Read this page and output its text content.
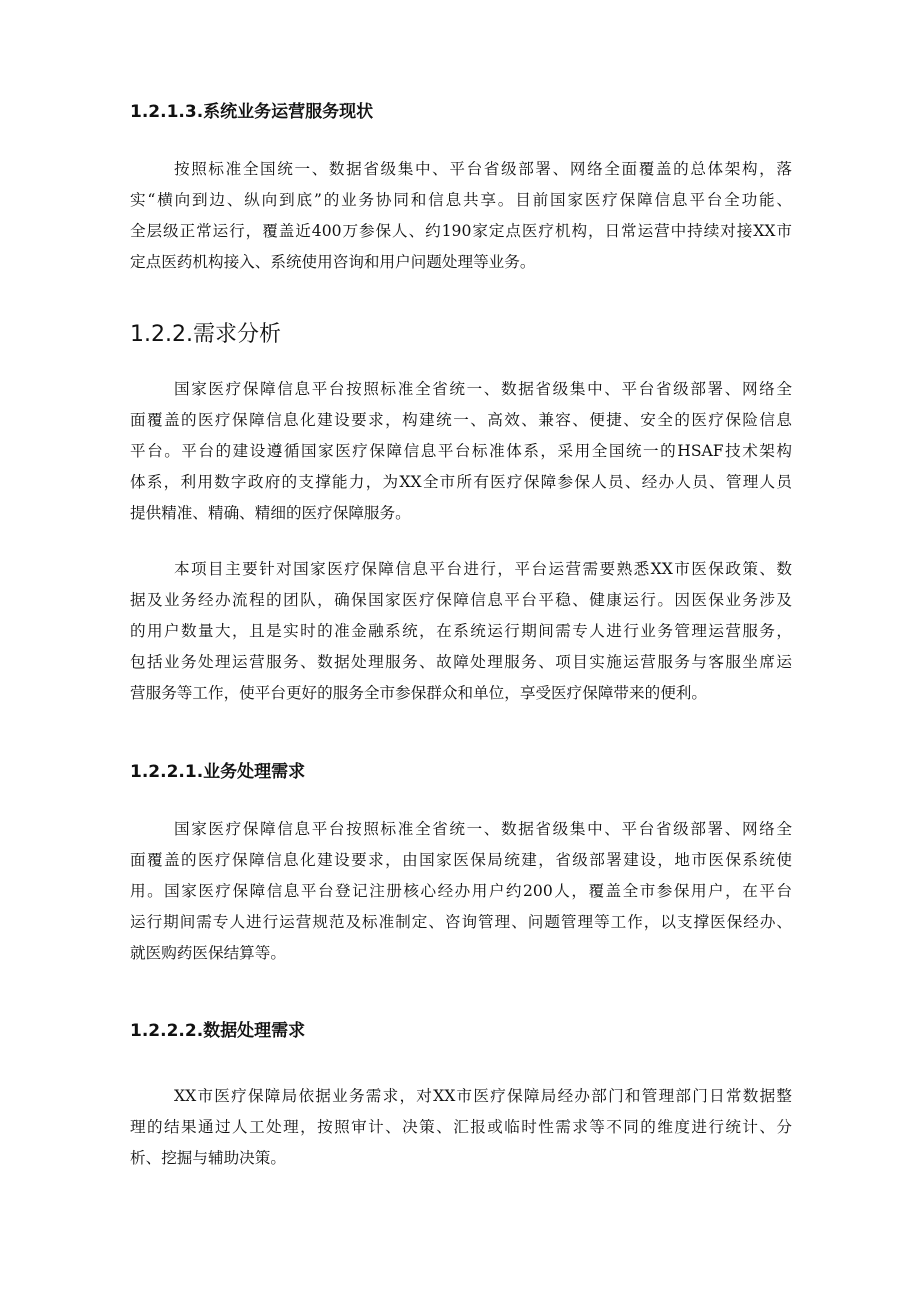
1.2.1.3.系统业务运营服务现状
按照标准全国统一、数据省级集中、平台省级部署、网络全面覆盖的总体架构，落
实“横向到边、纵向到底”的业务协同和信息共享。目前国家医疗保障信息平台全功能、
全层级正常运行，覆盖近400万参保人、约190家定点医疗机构，日常运营中持续对接XX市
定点医药机构接入、系统使用咨询和用户问题处理等业务。
1.2.2.需求分析
国家医疗保障信息平台按照标准全省统一、数据省级集中、平台省级部署、网络全
面覆盖的医疗保障信息化建设要求，构建统一、高效、兼容、便捷、安全的医疗保险信息
平台。平台的建设遵循国家医疗保障信息平台标准体系，采用全国统一的HSAF技术架构
体系，利用数字政府的支撑能力，为XX全市所有医疗保障参保人员、经办人员、管理人员
提供精准、精确、精细的医疗保障服务。
本项目主要针对国家医疗保障信息平台进行，平台运营需要熟悉XX市医保政策、数
据及业务经办流程的团队，确保国家医疗保障信息平台平稳、健康运行。因医保业务涉及
的用户数量大，且是实时的准金融系统，在系统运行期间需专人进行业务管理运营服务，
包括业务处理运营服务、数据处理服务、故障处理服务、项目实施运营服务与客服坐席运
营服务等工作，使平台更好的服务全市参保群众和单位，享受医疗保障带来的便利。
1.2.2.1.业务处理需求
国家医疗保障信息平台按照标准全省统一、数据省级集中、平台省级部署、网络全
面覆盖的医疗保障信息化建设要求，由国家医保局统建，省级部署建设，地市医保系统使
用。国家医疗保障信息平台登记注册核心经办用户约200人，覆盖全市参保用户，在平台
运行期间需专人进行运营规范及标准制定、咨询管理、问题管理等工作，以支撑医保经办、
就医购药医保结算等。
1.2.2.2.数据处理需求
XX市医疗保障局依据业务需求，对XX市医疗保障局经办部门和管理部门日常数据整
理的结果通过人工处理，按照审计、决策、汇报或临时性需求等不同的维度进行统计、分
析、挖掘与辅助决策。
